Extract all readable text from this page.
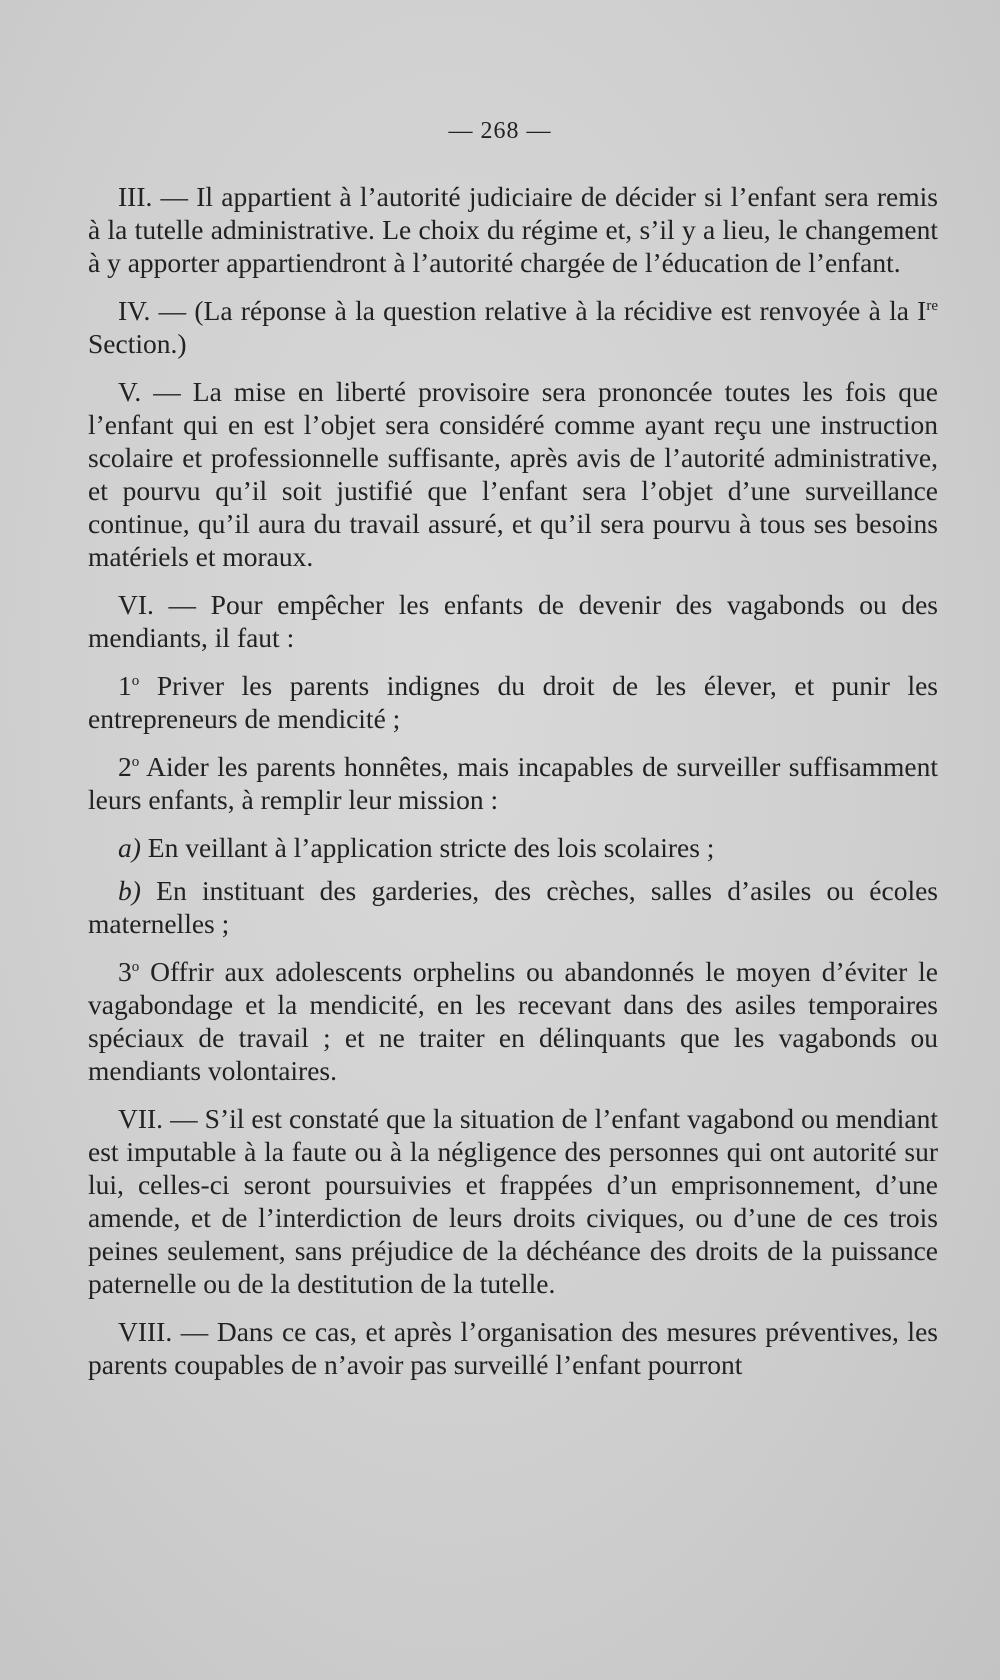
— 268 —

III. — Il appartient à l’autorité judiciaire de décider si l’enfant sera remis à la tutelle administrative. Le choix du régime et, s’il y a lieu, le changement à y apporter appartiendront à l’autorité chargée de l’éducation de l’enfant.

IV. — (La réponse à la question relative à la récidive est renvoyée à la Ire Section.)

V. — La mise en liberté provisoire sera prononcée toutes les fois que l’enfant qui en est l’objet sera considéré comme ayant reçu une instruction scolaire et professionnelle suffisante, après avis de l’autorité administrative, et pourvu qu’il soit justifié que l’enfant sera l’objet d’une surveillance continue, qu’il aura du travail assuré, et qu’il sera pourvu à tous ses besoins matériels et moraux.

VI. — Pour empêcher les enfants de devenir des vagabonds ou des mendiants, il faut :

1$^o$ Priver les parents indignes du droit de les élever, et punir les entrepreneurs de mendicité ;

2$^o$ Aider les parents honnêtes, mais incapables de surveiller suffisamment leurs enfants, à remplir leur mission :

a) En veillant à l’application stricte des lois scolaires ;

b) En instituant des garderies, des crèches, salles d’asiles ou écoles maternelles ;

3$^o$ Offrir aux adolescents orphelins ou abandonnés le moyen d’éviter le vagabondage et la mendicité, en les recevant dans des asiles temporaires spéciaux de travail ; et ne traiter en délinquants que les vagabonds ou mendiants volontaires.

VII. — S’il est constaté que la situation de l’enfant vagabond ou mendiant est imputable à la faute ou à la négligence des personnes qui ont autorité sur lui, celles-ci seront poursuivies et frappées d’un emprisonnement, d’une amende, et de l’interdiction de leurs droits civiques, ou d’une de ces trois peines seulement, sans préjudice de la déchéance des droits de la puissance paternelle ou de la destitution de la tutelle.

VIII. — Dans ce cas, et après l’organisation des mesures préventives, les parents coupables de n’avoir pas surveillé l’enfant pourront
